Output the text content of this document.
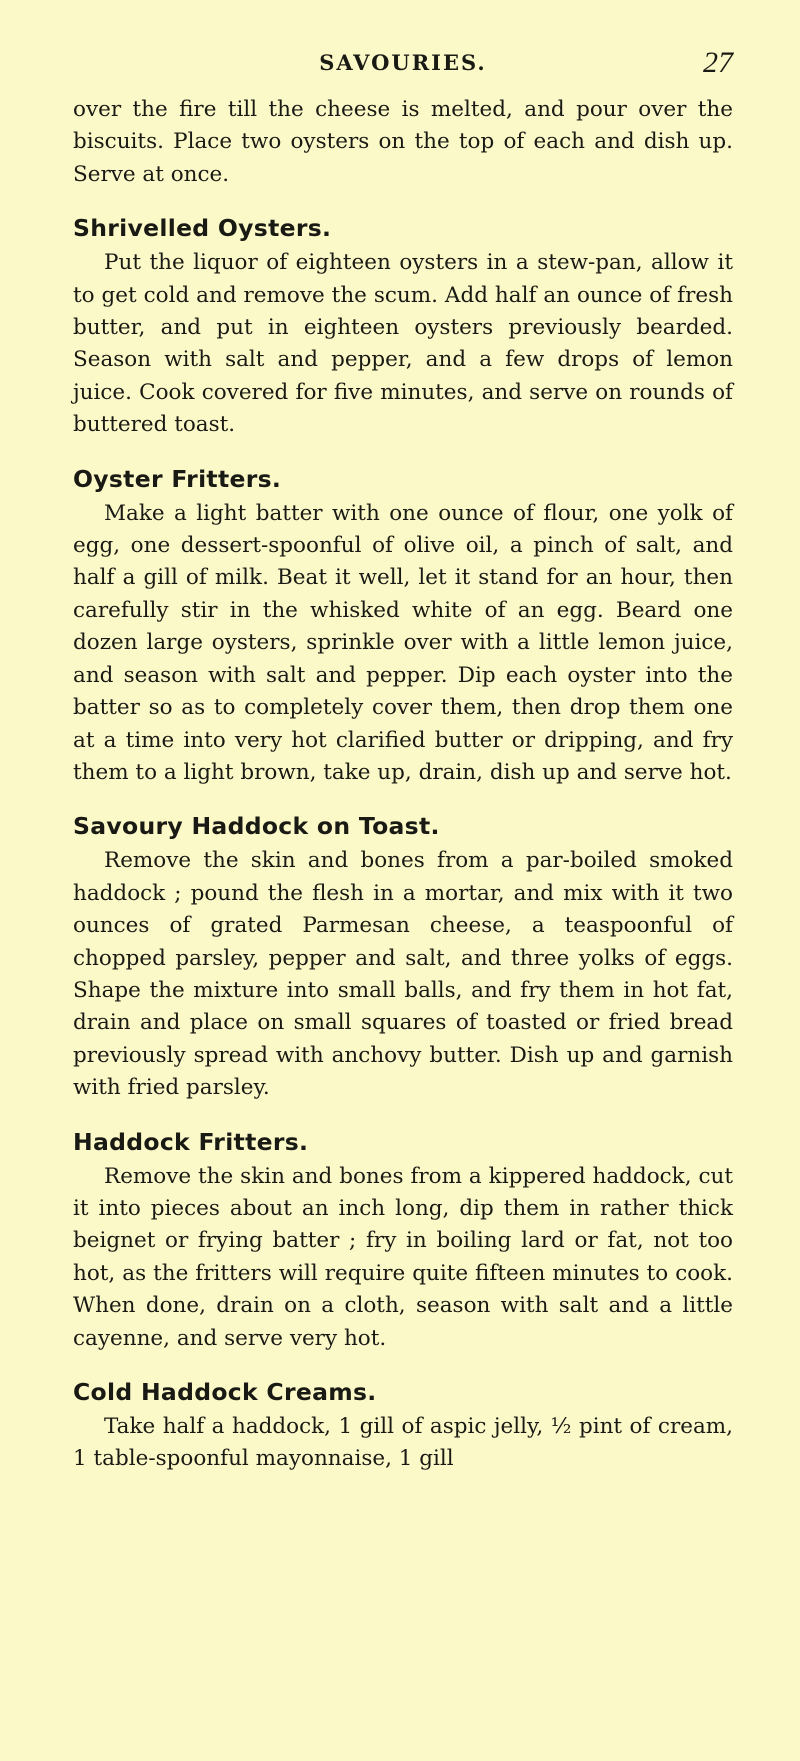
SAVOURIES.	27

over the fire till the cheese is melted, and pour over the biscuits. Place two oysters on the top of each and dish up. Serve at once.

Shrivelled Oysters.

Put the liquor of eighteen oysters in a stew-pan, allow it to get cold and remove the scum. Add half an ounce of fresh butter, and put in eighteen oysters previously bearded. Season with salt and pepper, and a few drops of lemon juice. Cook covered for five minutes, and serve on rounds of buttered toast.

Oyster Fritters.

Make a light batter with one ounce of flour, one yolk of egg, one dessert-spoonful of olive oil, a pinch of salt, and half a gill of milk. Beat it well, let it stand for an hour, then carefully stir in the whisked white of an egg. Beard one dozen large oysters, sprinkle over with a little lemon juice, and season with salt and pepper. Dip each oyster into the batter so as to completely cover them, then drop them one at a time into very hot clarified butter or dripping, and fry them to a light brown, take up, drain, dish up and serve hot.

Savoury Haddock on Toast.

Remove the skin and bones from a par-boiled smoked haddock ; pound the flesh in a mortar, and mix with it two ounces of grated Parmesan cheese, a teaspoonful of chopped parsley, pepper and salt, and three yolks of eggs. Shape the mixture into small balls, and fry them in hot fat, drain and place on small squares of toasted or fried bread previously spread with anchovy butter. Dish up and garnish with fried parsley.

Haddock Fritters.

Remove the skin and bones from a kippered haddock, cut it into pieces about an inch long, dip them in rather thick beignet or frying batter ; fry in boiling lard or fat, not too hot, as the fritters will require quite fifteen minutes to cook. When done, drain on a cloth, season with salt and a little cayenne, and serve very hot.

Cold Haddock Creams.

Take half a haddock, 1 gill of aspic jelly, ½ pint of cream, 1 table-spoonful mayonnaise, 1 gill
